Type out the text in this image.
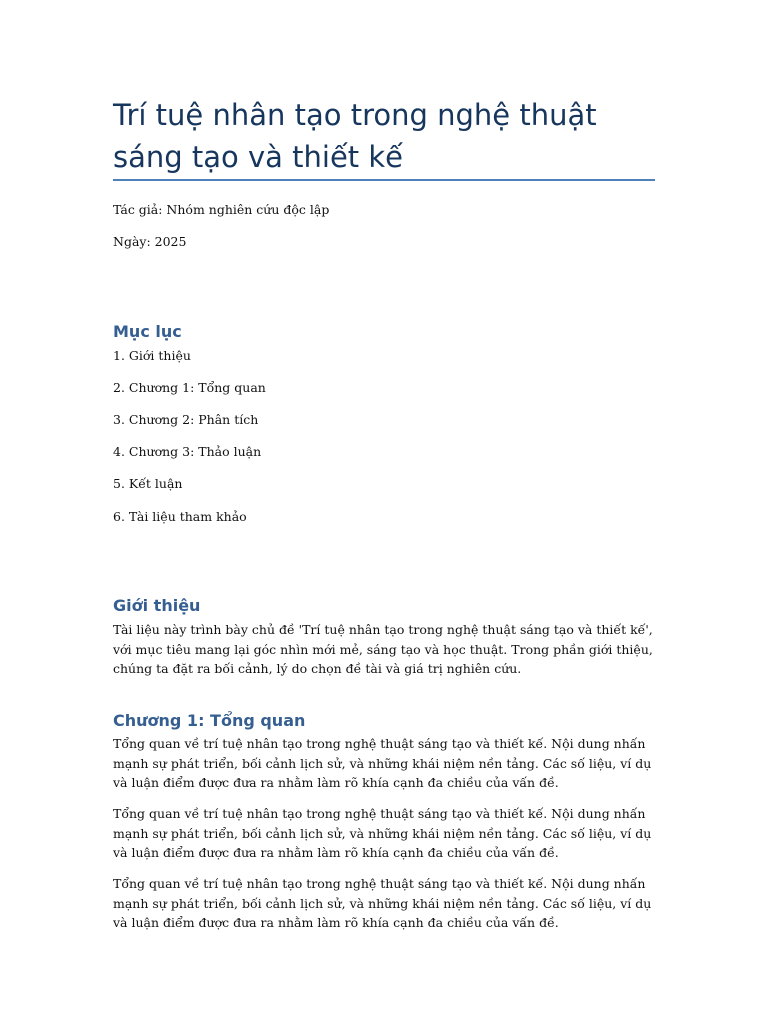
Trí tuệ nhân tạo trong nghệ thuật sáng tạo và thiết kế

Tác giả: Nhóm nghiên cứu độc lập

Ngày: 2025

Mục lục

1. Giới thiệu

2. Chương 1: Tổng quan

3. Chương 2: Phân tích

4. Chương 3: Thảo luận

5. Kết luận

6. Tài liệu tham khảo

Giới thiệu

Tài liệu này trình bày chủ đề 'Trí tuệ nhân tạo trong nghệ thuật sáng tạo và thiết kế', với mục tiêu mang lại góc nhìn mới mẻ, sáng tạo và học thuật. Trong phần giới thiệu, chúng ta đặt ra bối cảnh, lý do chọn đề tài và giá trị nghiên cứu.

Chương 1: Tổng quan

Tổng quan về trí tuệ nhân tạo trong nghệ thuật sáng tạo và thiết kế. Nội dung nhấn mạnh sự phát triển, bối cảnh lịch sử, và những khái niệm nền tảng. Các số liệu, ví dụ và luận điểm được đưa ra nhằm làm rõ khía cạnh đa chiều của vấn đề.

Tổng quan về trí tuệ nhân tạo trong nghệ thuật sáng tạo và thiết kế. Nội dung nhấn mạnh sự phát triển, bối cảnh lịch sử, và những khái niệm nền tảng. Các số liệu, ví dụ và luận điểm được đưa ra nhằm làm rõ khía cạnh đa chiều của vấn đề.

Tổng quan về trí tuệ nhân tạo trong nghệ thuật sáng tạo và thiết kế. Nội dung nhấn mạnh sự phát triển, bối cảnh lịch sử, và những khái niệm nền tảng. Các số liệu, ví dụ và luận điểm được đưa ra nhằm làm rõ khía cạnh đa chiều của vấn đề.
